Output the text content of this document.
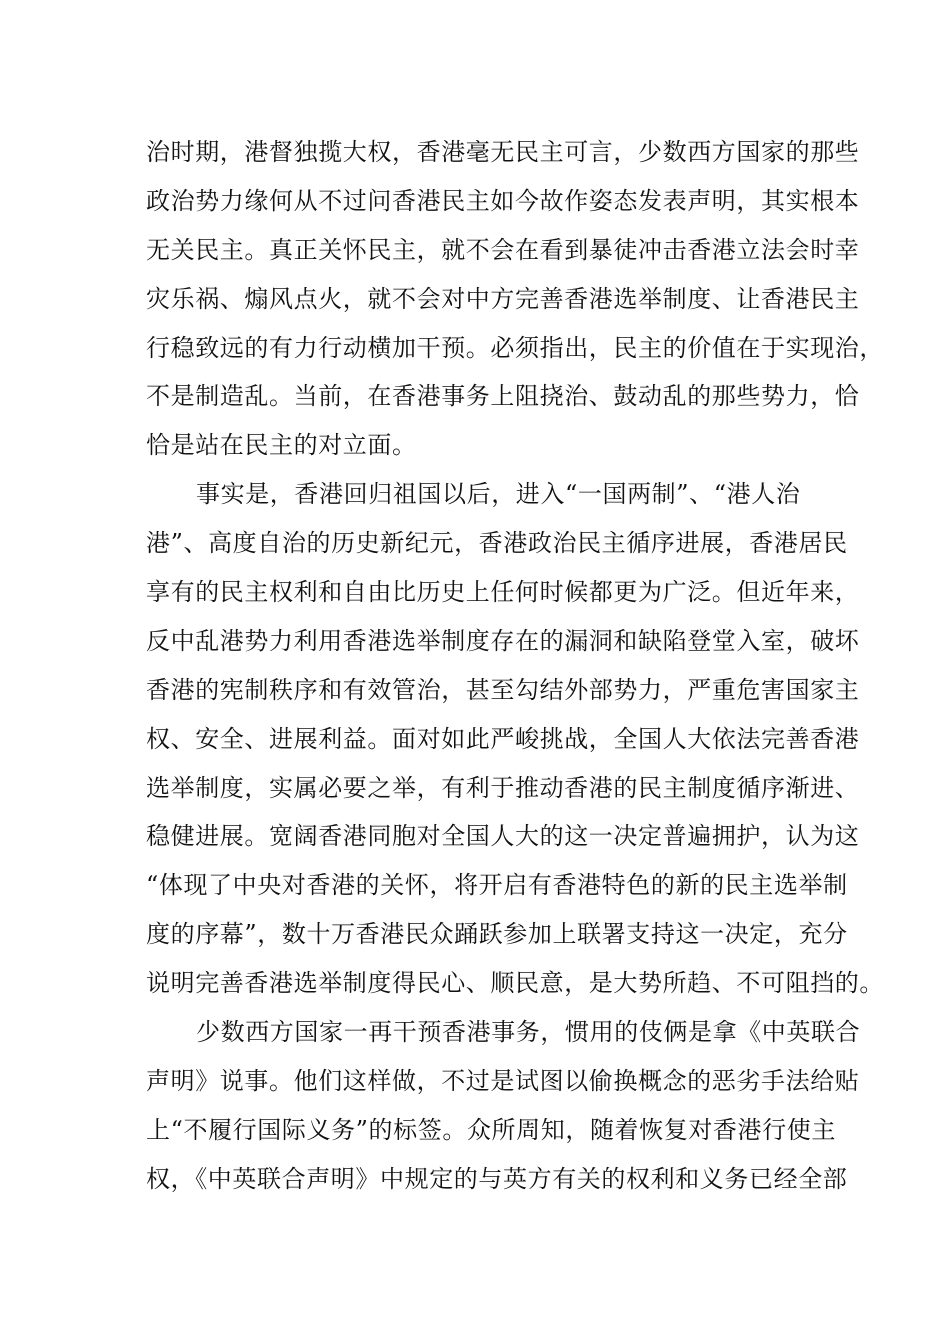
治时期，港督独揽大权，香港毫无民主可言，少数西方国家的那些
政治势力缘何从不过问香港民主如今故作姿态发表声明，其实根本
无关民主。真正关怀民主，就不会在看到暴徒冲击香港立法会时幸
灾乐祸、煽风点火，就不会对中方完善香港选举制度、让香港民主
行稳致远的有力行动横加干预。必须指出，民主的价值在于实现治，
不是制造乱。当前，在香港事务上阻挠治、鼓动乱的那些势力，恰
恰是站在民主的对立面。
事实是，香港回归祖国以后，进入“一国两制”、“港人治
港”、高度自治的历史新纪元，香港政治民主循序进展，香港居民
享有的民主权利和自由比历史上任何时候都更为广泛。但近年来，
反中乱港势力利用香港选举制度存在的漏洞和缺陷登堂入室，破坏
香港的宪制秩序和有效管治，甚至勾结外部势力，严重危害国家主
权、安全、进展利益。面对如此严峻挑战，全国人大依法完善香港
选举制度，实属必要之举，有利于推动香港的民主制度循序渐进、
稳健进展。宽阔香港同胞对全国人大的这一决定普遍拥护，认为这
“体现了中央对香港的关怀，将开启有香港特色的新的民主选举制
度的序幕”，数十万香港民众踊跃参加上联署支持这一决定，充分
说明完善香港选举制度得民心、顺民意，是大势所趋、不可阻挡的。
少数西方国家一再干预香港事务，惯用的伎俩是拿《中英联合
声明》说事。他们这样做，不过是试图以偷换概念的恶劣手法给贴
上“不履行国际义务”的标签。众所周知，随着恢复对香港行使主
权，《中英联合声明》中规定的与英方有关的权利和义务已经全部
